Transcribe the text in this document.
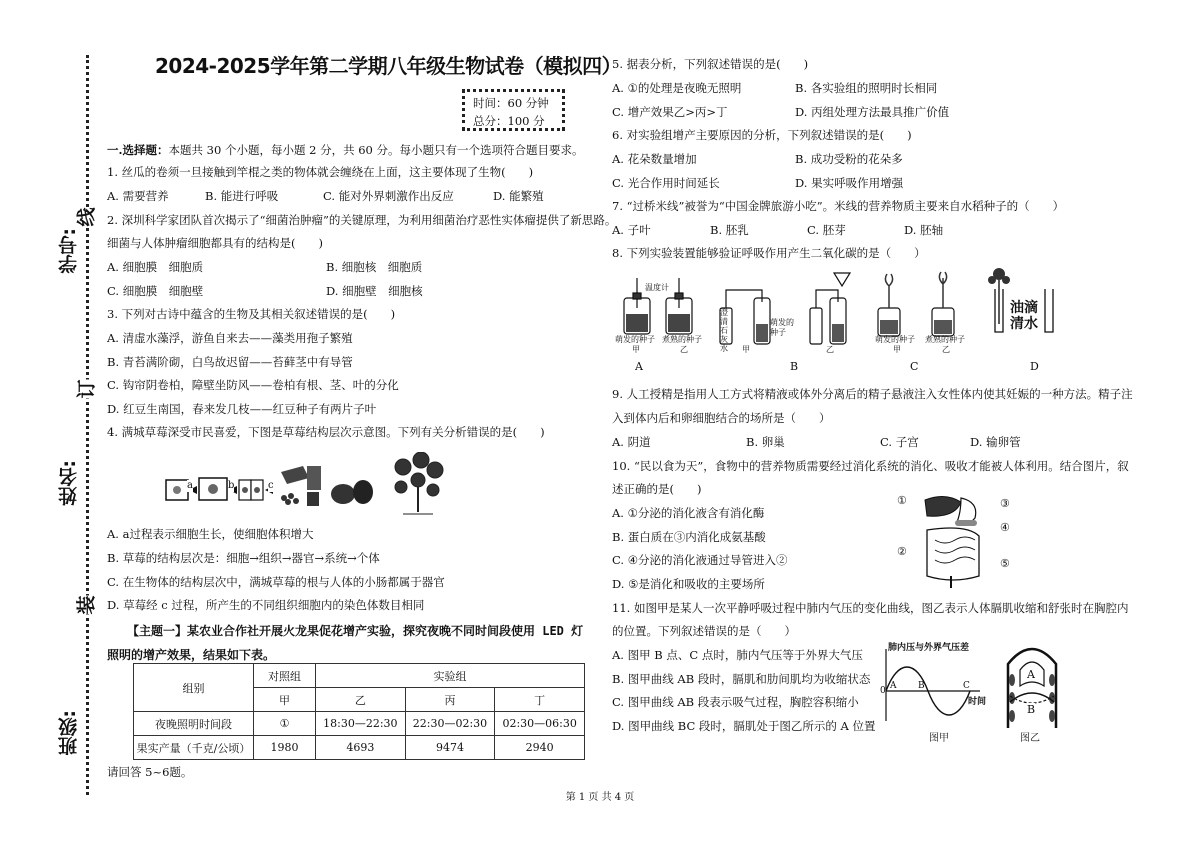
学号:
姓名:
班级:
线
订
装
2024-2025学年第二学期八年级生物试卷（模拟四）
时间：60 分钟
总分：100 分
一.选择题：本题共 30 个小题，每小题 2 分，共 60 分。每小题只有一个选项符合题目要求。
1. 丝瓜的卷须一旦接触到竿棍之类的物体就会缠绕在上面，这主要体现了生物(　　)
A. 需要营养	B. 能进行呼吸	C. 能对外界刺激作出反应	D. 能繁殖
2. 深圳科学家团队首次揭示了“细菌治肿瘤”的关键原理，为利用细菌治疗恶性实体瘤提供了新思路。
细菌与人体肿瘤细胞都具有的结构是(　　)
A. 细胞膜　细胞质	B. 细胞核　细胞质
C. 细胞膜　细胞壁	D. 细胞壁　细胞核
3. 下列对古诗中蕴含的生物及其相关叙述错误的是(　　)
A. 清虚水藻浮，游鱼自来去——藻类用孢子繁殖
B. 青苔满阶砌，白鸟故迟留——苔藓茎中有导管
C. 钩帘阴卷柏，障壁坐防风——卷柏有根、茎、叶的分化
D. 红豆生南国，春来发几枝——红豆种子有两片子叶
4. 满城草莓深受市民喜爱，下图是草莓结构层次示意图。下列有关分析错误的是(　　)
A. a过程表示细胞生长，使细胞体积增大
B. 草莓的结构层次是：细胞→组织→器官→系统→个体
C. 在生物体的结构层次中，满城草莓的根与人体的小肠都属于器官
D. 草莓经 c 过程，所产生的不同组织细胞内的染色体数目相同
【主题一】某农业合作社开展火龙果促花增产实验，探究夜晚不同时间段使用 LED 灯
照明的增产效果，结果如下表。
请回答 5~6题。
a	b	c
组别	对照组	实验组		
	甲	乙	丙	丁
夜晚照明时间段	①	18:30—22:30	22:30—02:30	02:30—06:30
果实产量（千克/公顷）	1980	4693	9474	2940
5. 据表分析，下列叙述错误的是(　　)
A. ①的处理是夜晚无照明	B. 各实验组的照明时长相同
C. 增产效果乙>丙>丁	D. 丙组处理方法最具推广价值
6. 对实验组增产主要原因的分析，下列叙述错误的是(　　)
A. 花朵数量增加	B. 成功受粉的花朵多
C. 光合作用时间延长	D. 果实呼吸作用增强
7. “过桥米线”被誉为“中国金牌旅游小吃”。米线的营养物质主要来自水稻种子的（　　）
A. 子叶	B. 胚乳	C. 胚芽	D. 胚轴
8. 下列实验装置能够验证呼吸作用产生二氧化碳的是（　　）
9. 人工授精是指用人工方式将精液或体外分离后的精子悬液注入女性体内使其妊娠的一种方法。精子注
入到体内后和卵细胞结合的场所是（　　）
A. 阴道	B. 卵巢	C. 子宫	D. 输卵管
10. “民以食为天”，食物中的营养物质需要经过消化系统的消化、吸收才能被人体利用。结合图片，叙
述正确的是(　　)
A. ①分泌的消化液含有消化酶
B. 蛋白质在③内消化成氨基酸
C. ④分泌的消化液通过导管进入②
D. ⑤是消化和吸收的主要场所
11. 如图甲是某人一次平静呼吸过程中肺内气压的变化曲线，图乙表示人体膈肌收缩和舒张时在胸腔内
的位置。下列叙述错误的是（　　）
A. 图甲 B 点、C 点时，肺内气压等于外界大气压
B. 图甲曲线 AB 段时，膈肌和肋间肌均为收缩状态
C. 图甲曲线 AB 段表示吸气过程，胸腔容积缩小
D. 图甲曲线 BC 段时，膈肌处于图乙所示的 A 位置
温度计
萌发的种子
甲
煮熟的种子
乙
澄清石灰水
萌发的种子
甲	乙
萌发的种子
甲
煮熟的种子
乙
油滴
清水
A	B	C	D
①	③
④
②
⑤
肺内压与外界气压差
0 A B	C
时间
图甲
A
B
图乙
第 1 页 共 4 页
